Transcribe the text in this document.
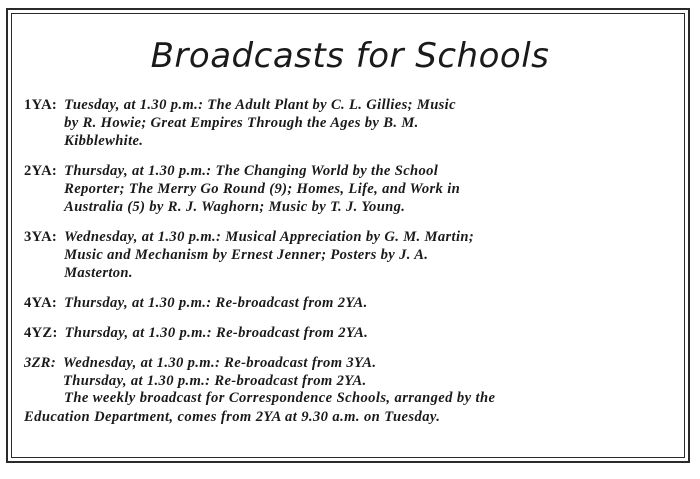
Broadcasts for Schools
1YA: Tuesday, at 1.30 p.m.: The Adult Plant by C. L. Gillies; Music
by R. Howie; Great Empires Through the Ages by B. M.
Kibblewhite.
2YA: Thursday, at 1.30 p.m.: The Changing World by the School
Reporter; The Merry Go Round (9); Homes, Life, and Work in
Australia (5) by R. J. Waghorn; Music by T. J. Young.
3YA: Wednesday, at 1.30 p.m.: Musical Appreciation by G. M. Martin;
Music and Mechanism by Ernest Jenner; Posters by J. A.
Masterton.
4YA: Thursday, at 1.30 p.m.: Re-broadcast from 2YA.
4YZ: Thursday, at 1.30 p.m.: Re-broadcast from 2YA.
3ZR: Wednesday, at 1.30 p.m.: Re-broadcast from 3YA.
Thursday, at 1.30 p.m.: Re-broadcast from 2YA.
The weekly broadcast for Correspondence Schools, arranged by the
Education Department, comes from 2YA at 9.30 a.m. on Tuesday.
